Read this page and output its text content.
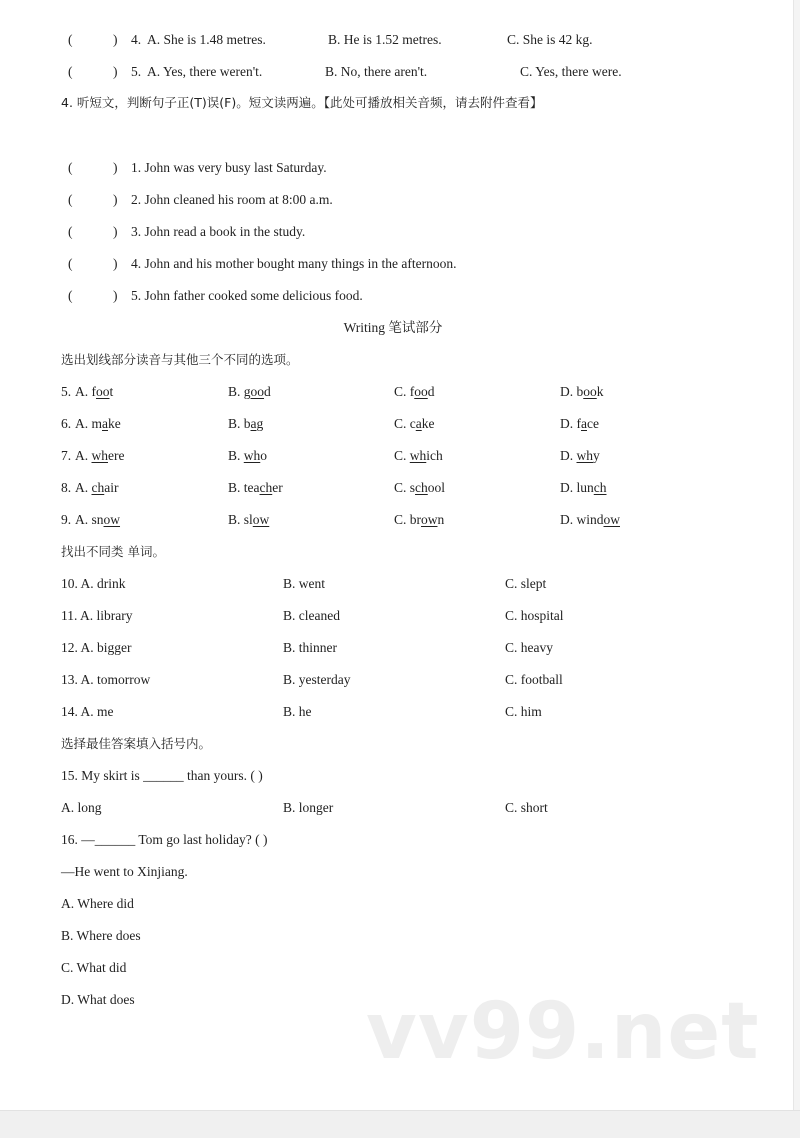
(	) 4. A. She is 1.48 metres.	B. He is 1.52 metres.	C. She is 42 kg.
(	) 5. A. Yes, there weren't.	B. No, there aren't.	C. Yes, there were.
4. 听短文，判断句子正(T)误(F)。短文读两遍。【此处可播放相关音频，请去附件查看】
(	) 1. John was very busy last Saturday.
(	) 2. John cleaned his room at 8:00 a.m.
(	) 3. John read a book in the study.
(	) 4. John and his mother bought many things in the afternoon.
(	) 5. John father cooked some delicious food.
Writing 笔试部分
选出划线部分读音与其他三个不同的选项。
5. A. foot	B. good	C. food	D. book
6. A. make	B. bag	C. cake	D. face
7. A. where	B. who	C. which	D. why
8. A. chair	B. teacher	C. school	D. lunch
9. A. snow	B. slow	C. brown	D. window
找出不同类 单词。
10. A. drink	B. went	C. slept
11. A. library	B. cleaned	C. hospital
12. A. bigger	B. thinner	C. heavy
13. A. tomorrow	B. yesterday	C. football
14. A. me	B. he	C. him
选择最佳答案填入括号内。
15. My skirt is ______ than yours. ( )
A. long	B. longer	C. short
16. —______ Tom go last holiday? ( )
—He went to Xinjiang.
A. Where did
B. Where does
C. What did
D. What does	vv99.net
